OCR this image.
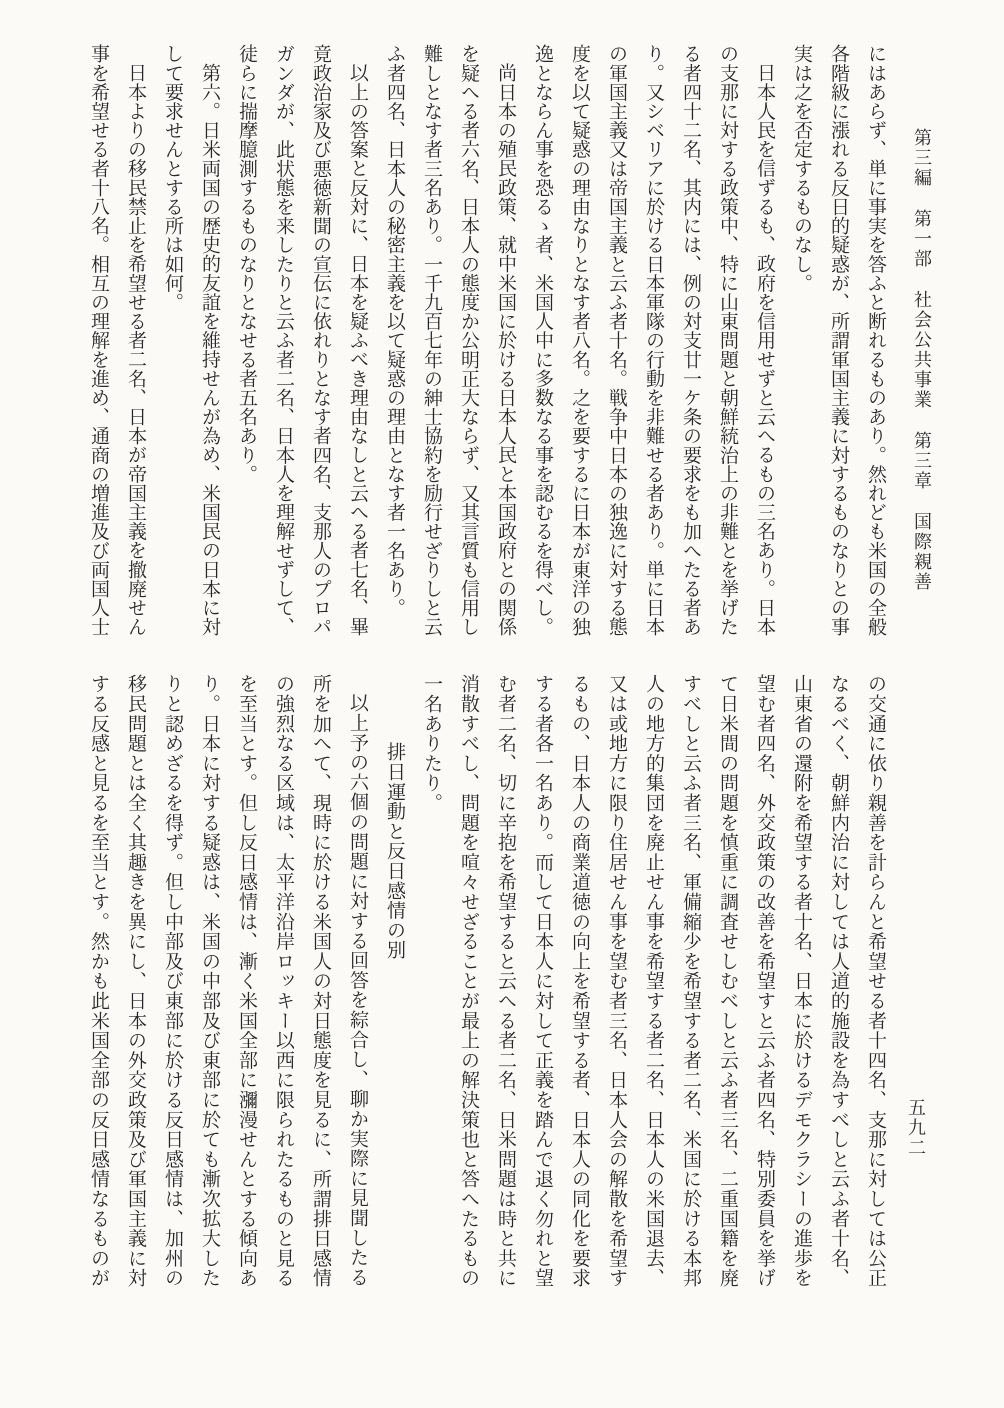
第三編第一部社会公共事業第三章国際親善
にはあらず、単に事実を答ふと断れるものあり。然れども米国の全般
各階級に漲れる反日的疑惑が、所謂軍国主義に対するものなりとの事
実は之を否定するものなし。
日本人民を信ずるも、政府を信用せずと云へるもの三名あり。日本
の支那に対する政策中、特に山東問題と朝鮮統治上の非難とを挙げた
る者四十二名、其内には、例の対支廿一ケ条の要求をも加へたる者あ
り。又シベリアに於ける日本軍隊の行動を非難せる者あり。単に日本
の軍国主義又は帝国主義と云ふ者十名。戦争中日本の独逸に対する態
度を以て疑惑の理由なりとなす者八名。之を要するに日本が東洋の独
逸とならん事を恐るゝ者、米国人中に多数なる事を認むるを得べし。
尚日本の殖民政策、就中米国に於ける日本人民と本国政府との関係
を疑へる者六名、日本人の態度か公明正大ならず、又其言質も信用し
難しとなす者三名あり。一千九百七年の紳士協約を励行せざりしと云
ふ者四名、日本人の秘密主義を以て疑惑の理由となす者一名あり。
以上の答案と反対に、日本を疑ふべき理由なしと云へる者七名、畢
竟政治家及び悪徳新聞の宣伝に依れりとなす者四名、支那人のプロパ
ガンダが、此状態を来したりと云ふ者二名、日本人を理解せずして、
徒らに揣摩臆測するものなりとなせる者五名あり。
第六。日米両国の歴史的友誼を維持せんが為め、米国民の日本に対
して要求せんとする所は如何。
日本よりの移民禁止を希望せる者二名、日本が帝国主義を撤廃せん
事を希望せる者十八名。相互の理解を進め、通商の増進及び両国人士
の交通に依り親善を計らんと希望せる者十四名、支那に対しては公正
なるべく、朝鮮内治に対しては人道的施設を為すべしと云ふ者十名、
山東省の還附を希望する者十名、日本に於けるデモクラシーの進歩を
望む者四名、外交政策の改善を希望すと云ふ者四名、特別委員を挙げ
て日米間の問題を慎重に調査せしむべしと云ふ者三名、二重国籍を廃
すべしと云ふ者三名、軍備縮少を希望する者二名、米国に於ける本邦
人の地方的集団を廃止せん事を希望する者二名、日本人の米国退去、
又は或地方に限り住居せん事を望む者三名、日本人会の解散を希望す
るもの、日本人の商業道徳の向上を希望する者、日本人の同化を要求
する者各一名あり。而して日本人に対して正義を踏んで退く勿れと望
む者二名、切に辛抱を希望すると云へる者二名、日米問題は時と共に
消散すべし、問題を喧々せざることが最上の解決策也と答へたるもの
一名ありたり。
排日運動と反日感情の別
以上予の六個の問題に対する回答を綜合し、聊か実際に見聞したる
所を加へて、現時に於ける米国人の対日態度を見るに、所謂排日感情
の強烈なる区域は、太平洋沿岸ロッキー以西に限られたるものと見る
を至当とす。但し反日感情は、漸く米国全部に瀰漫せんとする傾向あ
り。日本に対する疑惑は、米国の中部及び東部に於ても漸次拡大した
りと認めざるを得ず。但し中部及び東部に於ける反日感情は、加州の
移民問題とは全く其趣きを異にし、日本の外交政策及び軍国主義に対
する反感と見るを至当とす。然かも此米国全部の反日感情なるものが	五九二
